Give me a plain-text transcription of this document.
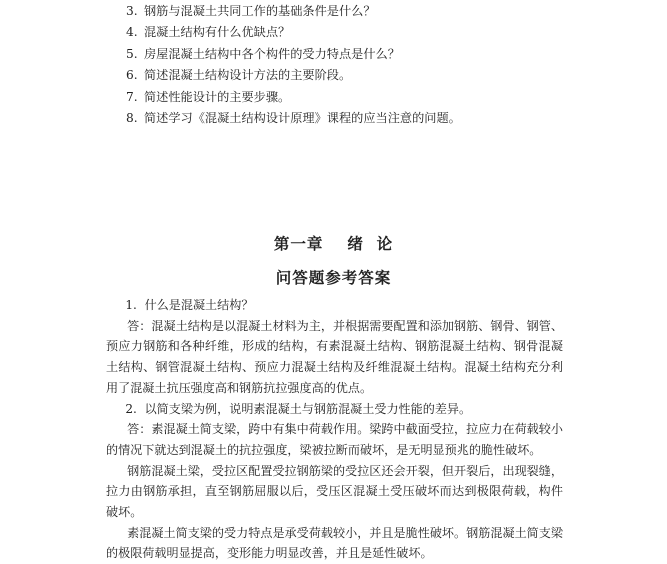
3. 钢筋与混凝土共同工作的基础条件是什么？
4. 混凝土结构有什么优缺点？
5. 房屋混凝土结构中各个构件的受力特点是什么？
6. 简述混凝土结构设计方法的主要阶段。
7. 简述性能设计的主要步骤。
8. 简述学习《混凝土结构设计原理》课程的应当注意的问题。
第一章 绪  论
问答题参考答案

1.  什么是混凝土结构？

答：混凝土结构是以混凝土材料为主，并根据需要配置和添加钢筋、钢骨、钢管、预应力钢筋和各种纤维，形成的结构，有素混凝土结构、钢筋混凝土结构、钢骨混凝土结构、钢管混凝土结构、预应力混凝土结构及纤维混凝土结构。混凝土结构充分利用了混凝土抗压强度高和钢筋抗拉强度高的优点。

2.  以简支梁为例，说明素混凝土与钢筋混凝土受力性能的差异。

答：素混凝土简支梁，跨中有集中荷载作用。梁跨中截面受拉，拉应力在荷载较小的情况下就达到混凝土的抗拉强度，梁被拉断而破坏，是无明显预兆的脆性破坏。

钢筋混凝土梁，受拉区配置受拉钢筋梁的受拉区还会开裂，但开裂后，出现裂缝，拉力由钢筋承担，直至钢筋屈服以后，受压区混凝土受压破坏而达到极限荷载，构件破坏。

素混凝土简支梁的受力特点是承受荷载较小，并且是脆性破坏。钢筋混凝土简支梁的极限荷载明显提高，变形能力明显改善，并且是延性破坏。
